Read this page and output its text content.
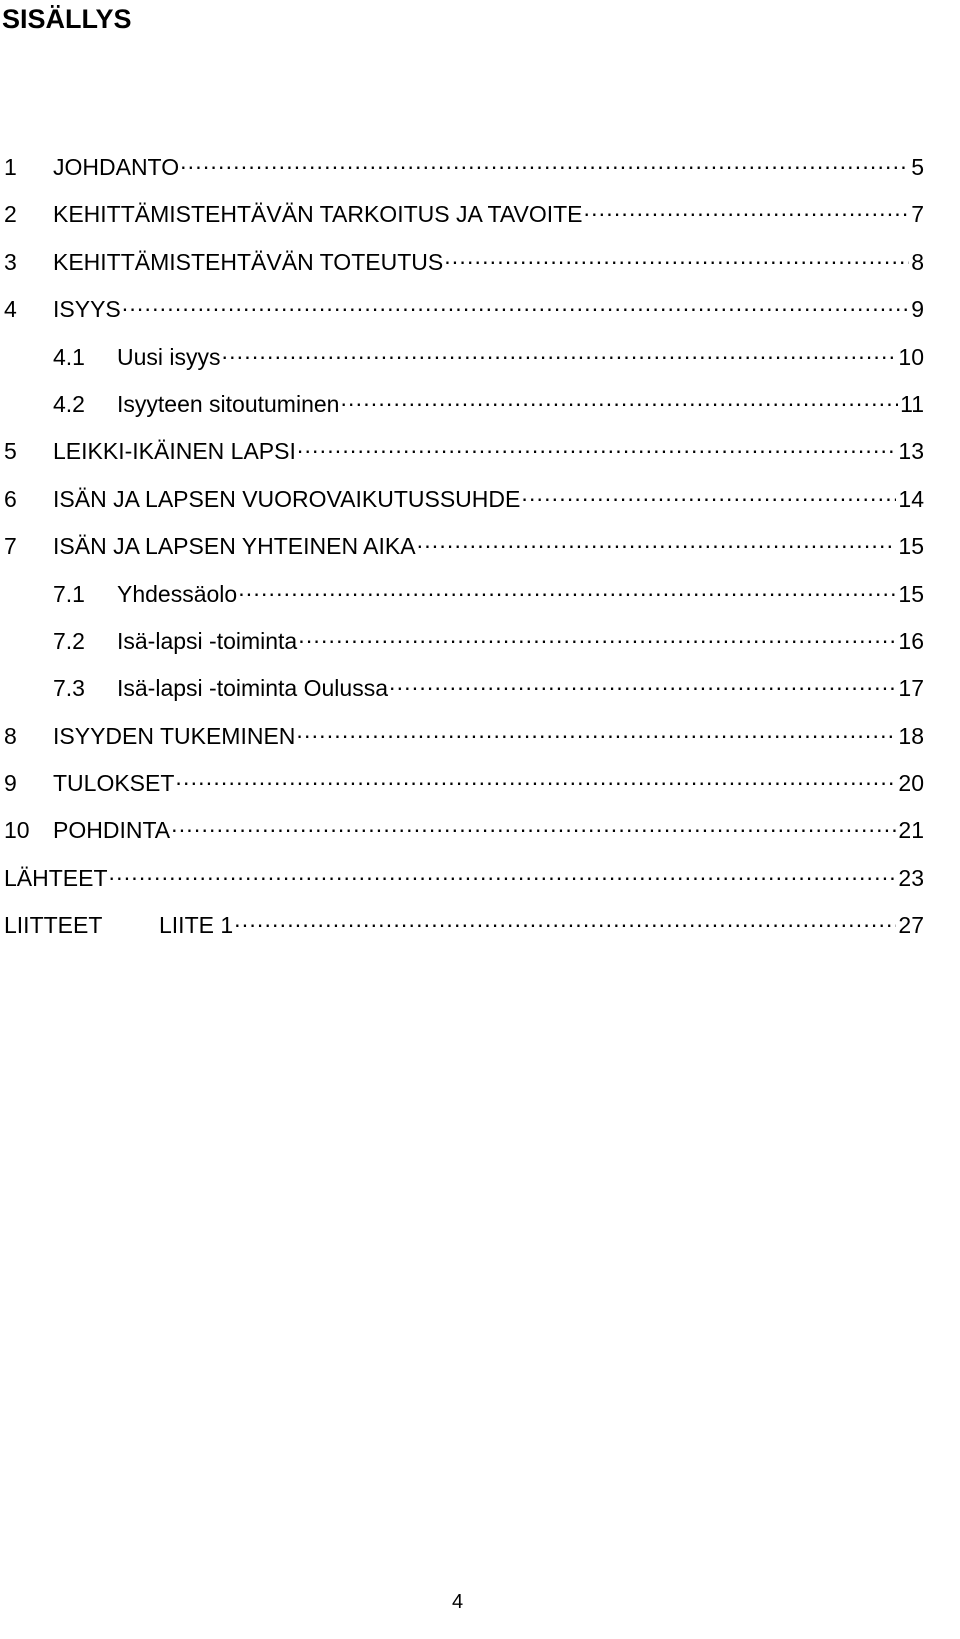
SISÄLLYS
1	JOHDANTO . . .	5
2	KEHITTÄMISTEHTÄVÄN TARKOITUS JA TAVOITE . . .	7
3	KEHITTÄMISTEHTÄVÄN TOTEUTUS . . .	8
4	ISYYS . . .	9
4.1	Uusi isyys . . .	10
4.2	Isyyteen sitoutuminen . . .	11
5	LEIKKI-IKÄINEN LAPSI . . .	13
6	ISÄN JA LAPSEN VUOROVAIKUTUSSUHDE . . .	14
7	ISÄN JA LAPSEN YHTEINEN AIKA . . .	15
7.1	Yhdessäolo . . .	15
7.2	Isä-lapsi -toiminta . . .	16
7.3	Isä-lapsi -toiminta Oulussa . . .	17
8	ISYYDEN TUKEMINEN . . .	18
9	TULOKSET . . .	20
10	POHDINTA . . .	21
LÄHTEET . . .	23
LIITTEET	LIITE 1 . . .	27
4
